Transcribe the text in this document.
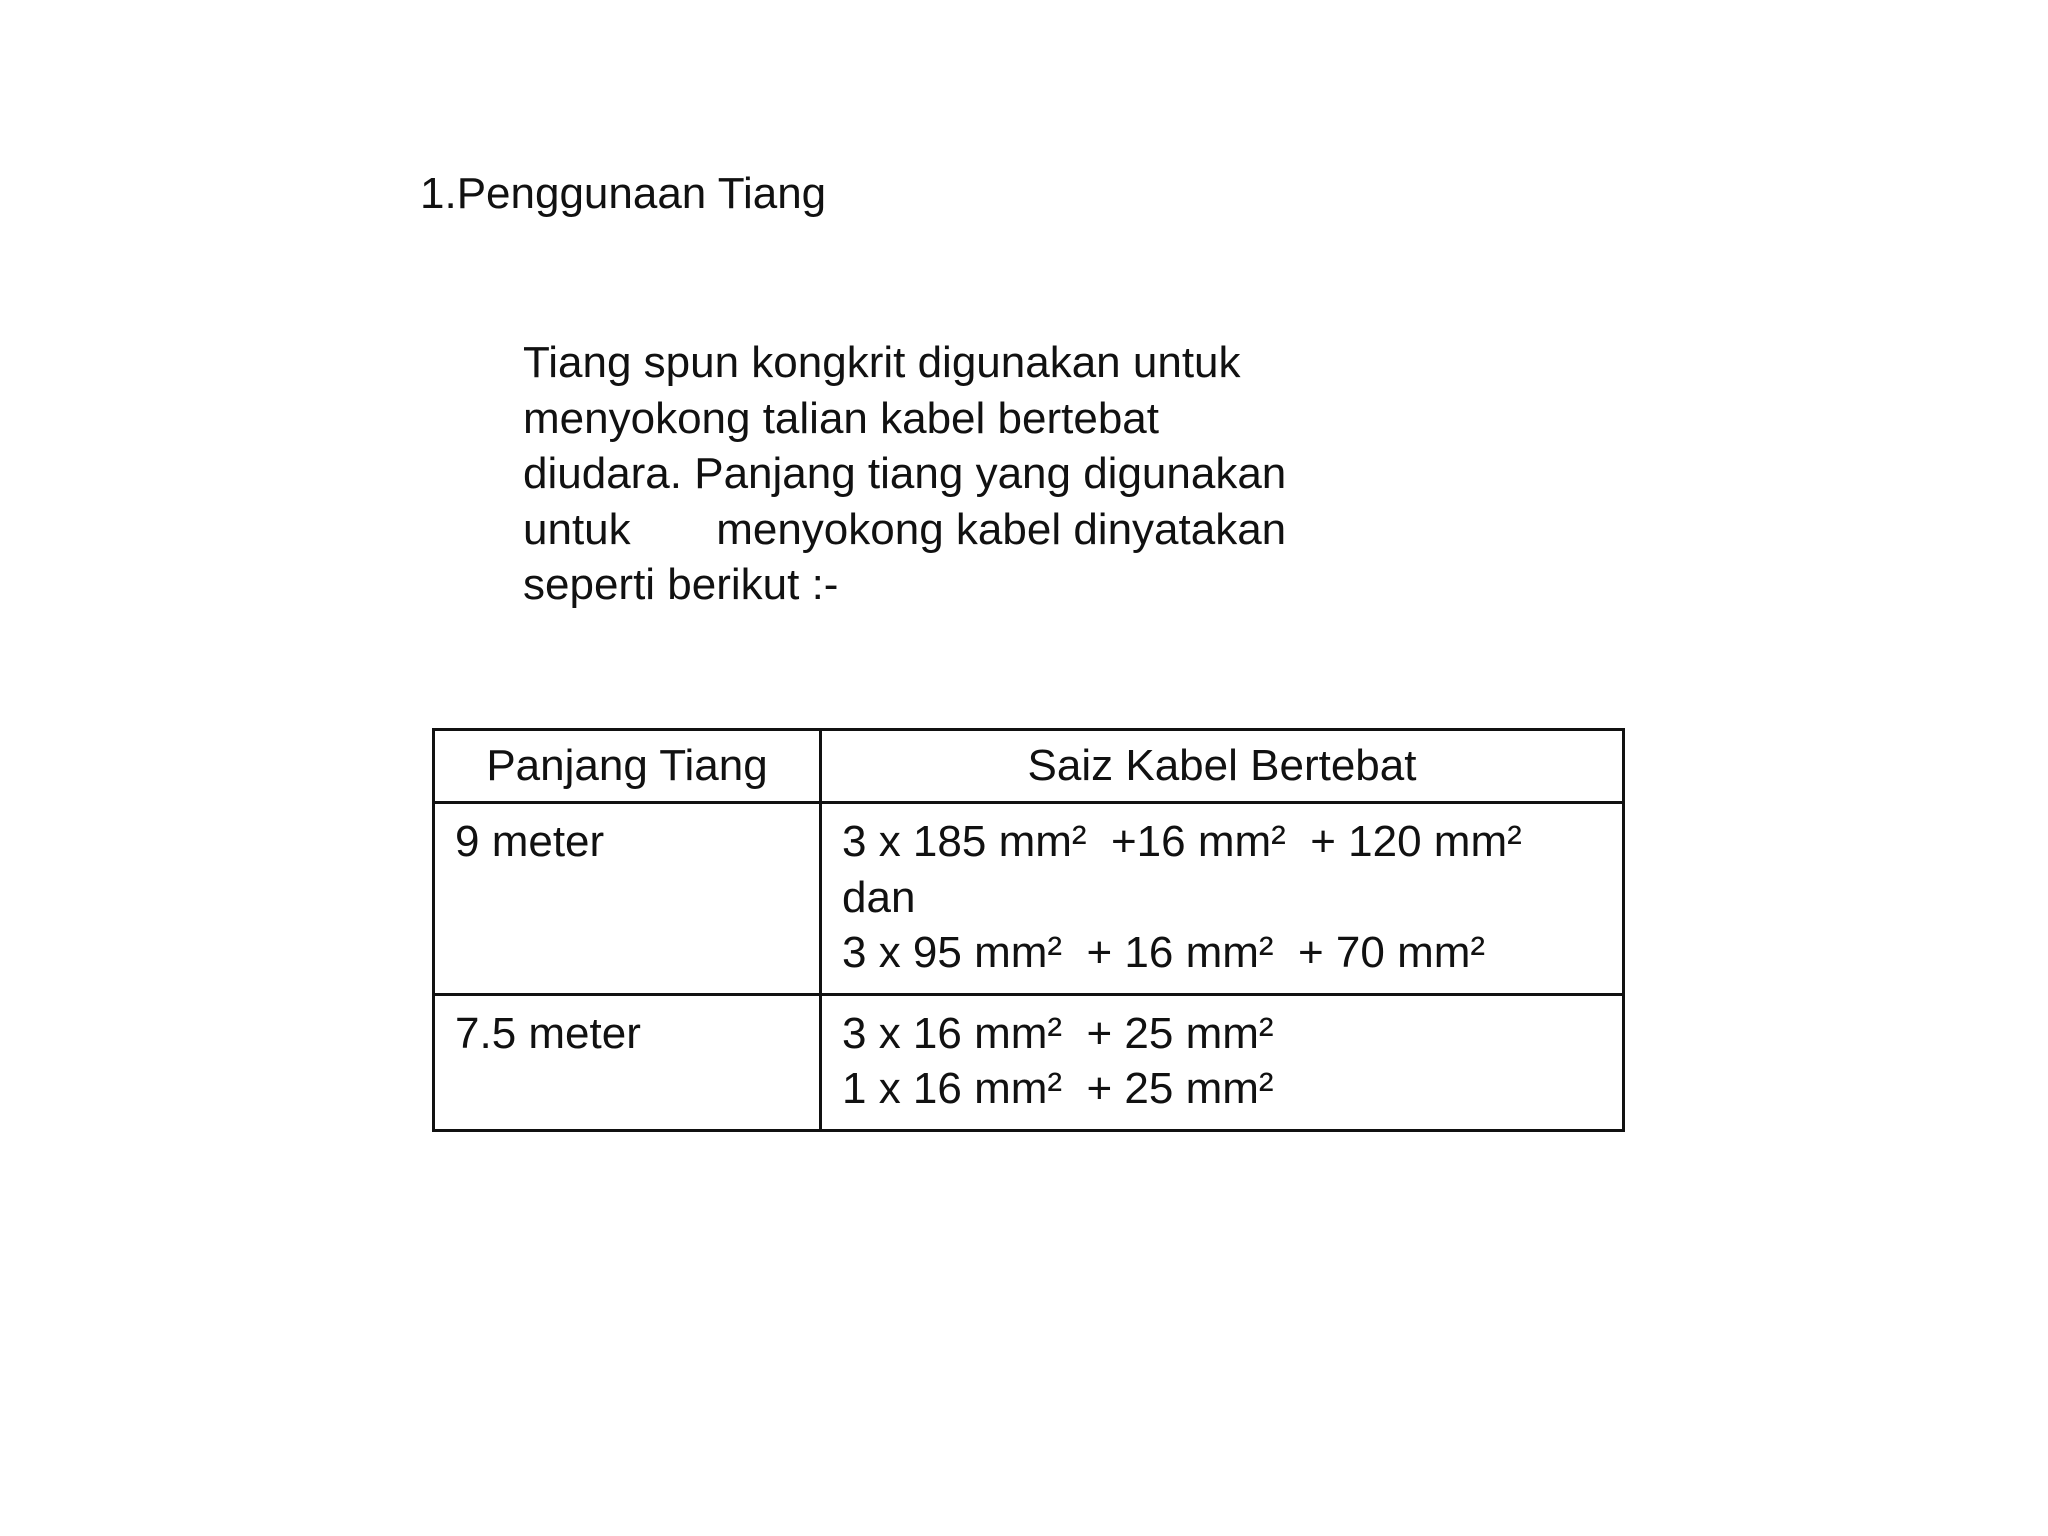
1.Penggunaan Tiang
Tiang spun kongkrit digunakan untuk
menyokong talian kabel bertebat
diudara. Panjang tiang yang digunakan
untuk       menyokong kabel dinyatakan
seperti berikut :-
Panjang Tiang	Saiz Kabel Bertebat

9 meter	3 x 185 mm²  +16 mm²  + 120 mm²
dan
3 x 95 mm²  + 16 mm²  + 70 mm²

7.5 meter	3 x 16 mm²  + 25 mm²
1 x 16 mm²  + 25 mm²
